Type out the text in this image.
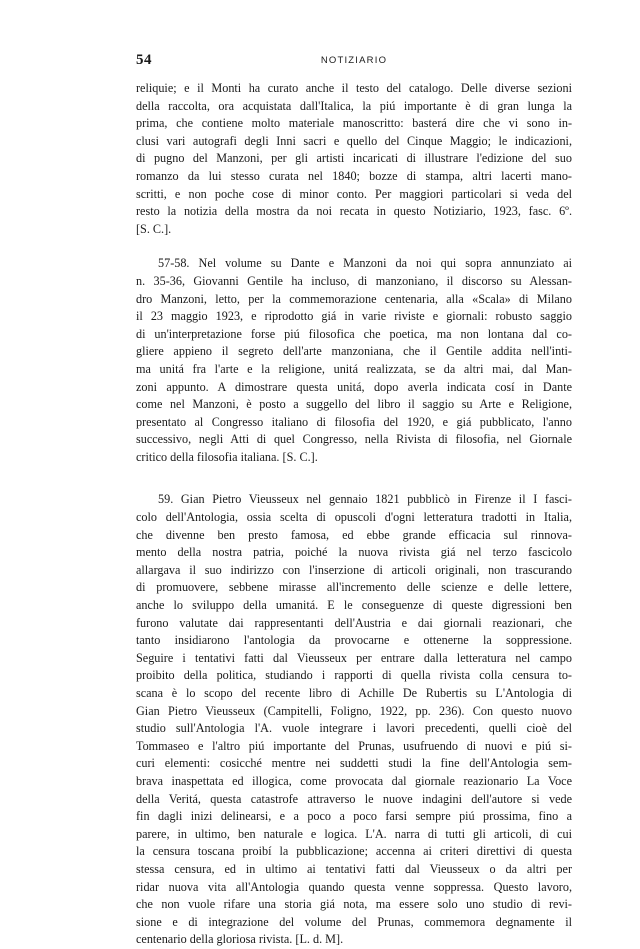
54	NOTIZIARIO
reliquie; e il Monti ha curato anche il testo del catalogo. Delle diverse sezioni
della raccolta, ora acquistata dall'Italica, la piú importante è di gran lunga la
prima, che contiene molto materiale manoscritto: basterá dire che vi sono in-
clusi vari autografi degli Inni sacri e quello del Cinque Maggio; le indicazioni,
di pugno del Manzoni, per gli artisti incaricati di illustrare l'edizione del suo
romanzo da lui stesso curata nel 1840; bozze di stampa, altri lacerti mano-
scritti, e non poche cose di minor conto. Per maggiori particolari si veda del
resto la notizia della mostra da noi recata in questo Notiziario, 1923, fasc. 6º.
[S. C.].
57-58. Nel volume su Dante e Manzoni da noi qui sopra annunziato ai
n. 35-36, Giovanni Gentile ha incluso, di manzoniano, il discorso su Alessan-
dro Manzoni, letto, per la commemorazione centenaria, alla «Scala» di Milano
il 23 maggio 1923, e riprodotto giá in varie riviste e giornali: robusto saggio
di un'interpretazione forse piú filosofica che poetica, ma non lontana dal co-
gliere appieno il segreto dell'arte manzoniana, che il Gentile addita nell'inti-
ma unitá fra l'arte e la religione, unitá realizzata, se da altri mai, dal Man-
zoni appunto. A dimostrare questa unitá, dopo averla indicata cosí in Dante
come nel Manzoni, è posto a suggello del libro il saggio su Arte e Religione,
presentato al Congresso italiano di filosofia del 1920, e giá pubblicato, l'anno
successivo, negli Atti di quel Congresso, nella Rivista di filosofia, nel Giornale
critico della filosofia italiana. [S. C.].
59. Gian Pietro Vieusseux nel gennaio 1821 pubblicò in Firenze il I fasci-
colo dell'Antologia, ossia scelta di opuscoli d'ogni letteratura tradotti in Italia,
che divenne ben presto famosa, ed ebbe grande efficacia sul rinnova-
mento della nostra patria, poiché la nuova rivista giá nel terzo fascicolo
allargava il suo indirizzo con l'inserzione di articoli originali, non trascurando
di promuovere, sebbene mirasse all'incremento delle scienze e delle lettere,
anche lo sviluppo della umanitá. E le conseguenze di queste digressioni ben
furono valutate dai rappresentanti dell'Austria e dai giornali reazionari, che
tanto insidiarono l'antologia da provocarne e ottenerne la soppressione.
Seguire i tentativi fatti dal Vieusseux per entrare dalla letteratura nel campo
proibito della politica, studiando i rapporti di quella rivista colla censura to-
scana è lo scopo del recente libro di Achille De Rubertis su L'Antologia di
Gian Pietro Vieusseux (Campitelli, Foligno, 1922, pp. 236). Con questo nuovo
studio sull'Antologia l'A. vuole integrare i lavori precedenti, quelli cioè del
Tommaseo e l'altro piú importante del Prunas, usufruendo di nuovi e piú si-
curi elementi: cosicché mentre nei suddetti studi la fine dell'Antologia sem-
brava inaspettata ed illogica, come provocata dal giornale reazionario La Voce
della Veritá, questa catastrofe attraverso le nuove indagini dell'autore si vede
fin dagli inizi delinearsi, e a poco a poco farsi sempre piú prossima, fino a
parere, in ultimo, ben naturale e logica. L'A. narra di tutti gli articoli, di cui
la censura toscana proibí la pubblicazione; accenna ai criteri direttivi di questa
stessa censura, ed in ultimo ai tentativi fatti dal Vieusseux o da altri per
ridar nuova vita all'Antologia quando questa venne soppressa. Questo lavoro,
che non vuole rifare una storia giá nota, ma essere solo uno studio di revi-
sione e di integrazione del volume del Prunas, commemora degnamente il
centenario della gloriosa rivista. [L. d. M].
